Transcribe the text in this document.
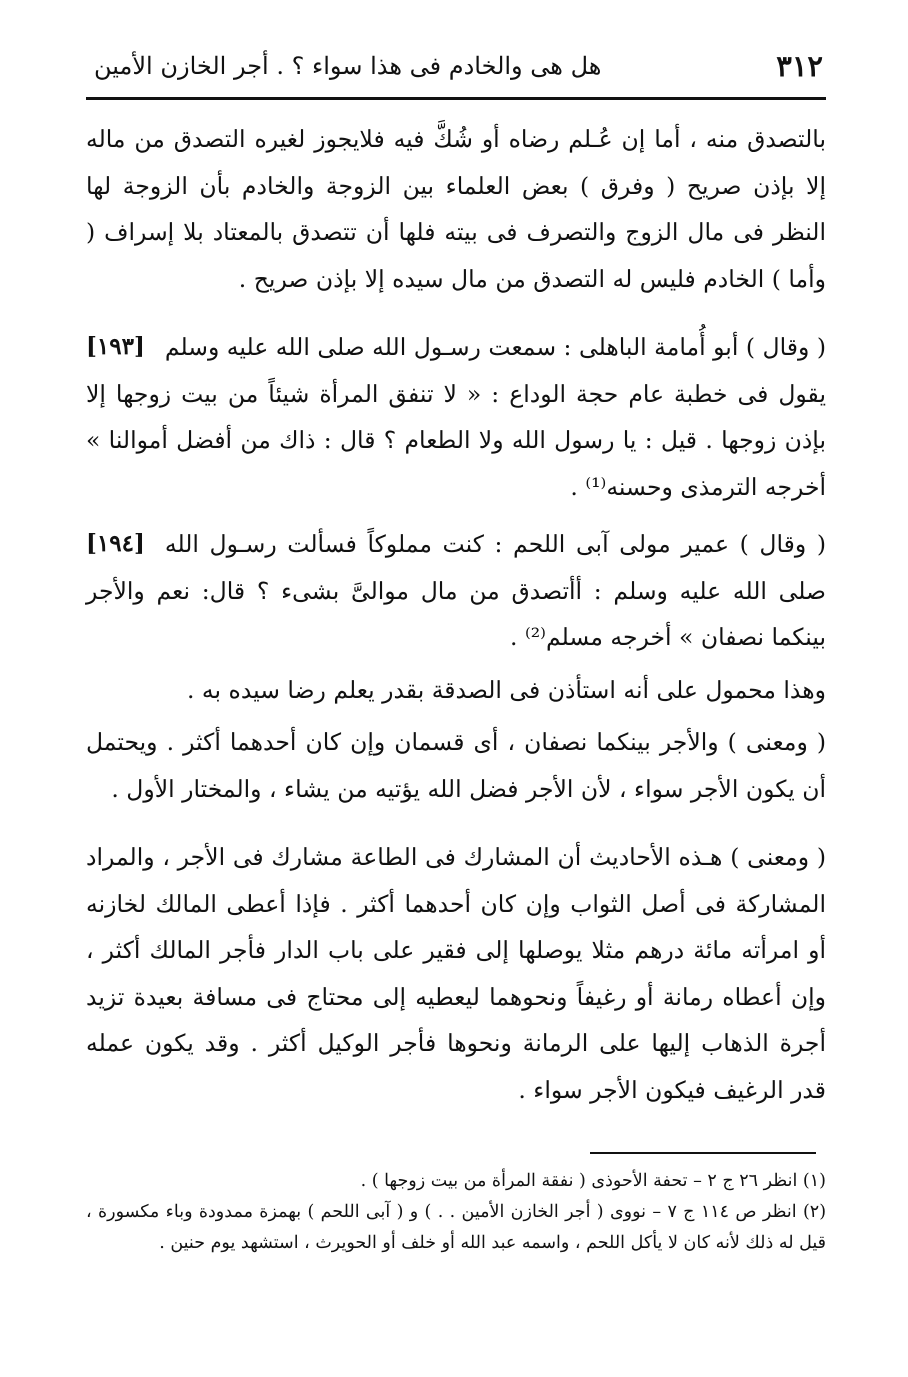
٣١٢
هل هى والخادم فى هذا سواء ؟ . أجر الخازن الأمين

بالتصدق منه ، أما إن عُـلم رضاه أو شُكَّ فيه فلايجوز لغيره التصدق من ماله إلا بإذن صريح ( وفرق ) بعض العلماء بين الزوجة والخادم بأن الزوجة لها النظر فى مال الزوج والتصرف فى بيته فلها أن تتصدق بالمعتاد بلا إسراف ( وأما ) الخادم فليس له التصدق من مال سيده إلا بإذن صريح .

[١٩٣] ( وقال ) أبو أُمامة الباهلى : سمعت رسـول الله صلى الله عليه وسلم يقول فى خطبة عام حجة الوداع : « لا تنفق المرأة شيئاً من بيت زوجها إلا بإذن زوجها . قيل : يا رسول الله ولا الطعام ؟ قال : ذاك من أفضل أموالنا » أخرجه الترمذى وحسنه⁽¹⁾ .

[١٩٤] ( وقال ) عمير مولى آبى اللحم : كنت مملوكاً فسألت رسـول الله صلى الله عليه وسلم : أأتصدق من مال موالىَّ بشىء ؟ قال: نعم والأجر بينكما نصفان » أخرجه مسلم⁽²⁾ .

وهذا محمول على أنه استأذن فى الصدقة بقدر يعلم رضا سيده به .

( ومعنى ) والأجر بينكما نصفان ، أى قسمان وإن كان أحدهما أكثر . ويحتمل أن يكون الأجر سواء ، لأن الأجر فضل الله يؤتيه من يشاء ، والمختار الأول .

( ومعنى ) هـذه الأحاديث أن المشارك فى الطاعة مشارك فى الأجر ، والمراد المشاركة فى أصل الثواب وإن كان أحدهما أكثر . فإذا أعطى المالك لخازنه أو امرأته مائة درهم مثلا يوصلها إلى فقير على باب الدار فأجر المالك أكثر ، وإن أعطاه رمانة أو رغيفاً ونحوهما ليعطيه إلى محتاج فى مسافة بعيدة تزيد أجرة الذهاب إليها على الرمانة ونحوها فأجر الوكيل أكثر . وقد يكون عمله قدر الرغيف فيكون الأجر سواء .

(١) انظر ٢٦ ج ٢ – تحفة الأحوذى ( نفقة المرأة من بيت زوجها ) .

(٢) انظر ص ١١٤ ج ٧ – نووى ( أجر الخازن الأمين . . ) و ( آبى اللحم ) بهمزة ممدودة وباء مكسورة ، قيل له ذلك لأنه كان لا يأكل اللحم ، واسمه عبد الله أو خلف أو الحويرث ، استشهد يوم حنين .
